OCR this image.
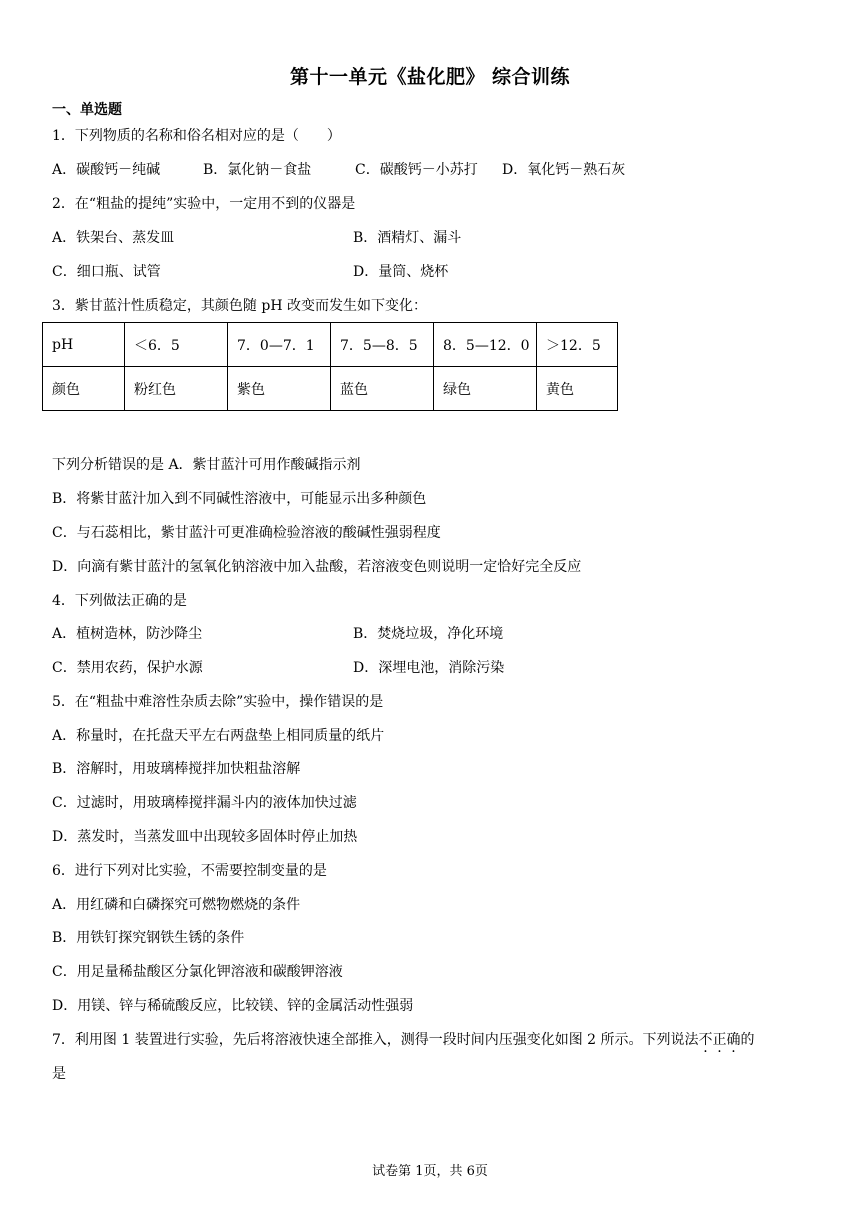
第十一单元《盐化肥》 综合训练
一、单选题
1．下列物质的名称和俗名相对应的是（　　）
A．碳酸钙－纯碱	B．氯化钠－食盐	C．碳酸钙－小苏打 D．氧化钙－熟石灰
2．在“粗盐的提纯”实验中，一定用不到的仪器是
A．铁架台、蒸发皿	B．酒精灯、漏斗
C．细口瓶、试管	D．量筒、烧杯
3．紫甘蓝汁性质稳定，其颜色随 pH 改变而发生如下变化：
pH	＜6．5	7．0—7．1	7．5—8．5	8．5—12．0	＞12．5
颜色	粉红色	紫色	蓝色	绿色	黄色
下列分析错误的是 A．紫甘蓝汁可用作酸碱指示剂
B．将紫甘蓝汁加入到不同碱性溶液中，可能显示出多种颜色
C．与石蕊相比，紫甘蓝汁可更准确检验溶液的酸碱性强弱程度
D．向滴有紫甘蓝汁的氢氧化钠溶液中加入盐酸，若溶液变色则说明一定恰好完全反应
4．下列做法正确的是
A．植树造林，防沙降尘	B．焚烧垃圾，净化环境
C．禁用农药，保护水源	D．深埋电池，消除污染
5．在“粗盐中难溶性杂质去除”实验中，操作错误的是
A．称量时，在托盘天平左右两盘垫上相同质量的纸片
B．溶解时，用玻璃棒搅拌加快粗盐溶解
C．过滤时，用玻璃棒搅拌漏斗内的液体加快过滤
D．蒸发时，当蒸发皿中出现较多固体时停止加热
6．进行下列对比实验，不需要控制变量的是
A．用红磷和白磷探究可燃物燃烧的条件
B．用铁钉探究钢铁生锈的条件
C．用足量稀盐酸区分氯化钾溶液和碳酸钾溶液
D．用镁、锌与稀硫酸反应，比较镁、锌的金属活动性强弱
7．利用图 1 装置进行实验，先后将溶液快速全部推入，测得一段时间内压强变化如图 2 所示。下列说法不正确的
是
试卷第 1页，共 6页
